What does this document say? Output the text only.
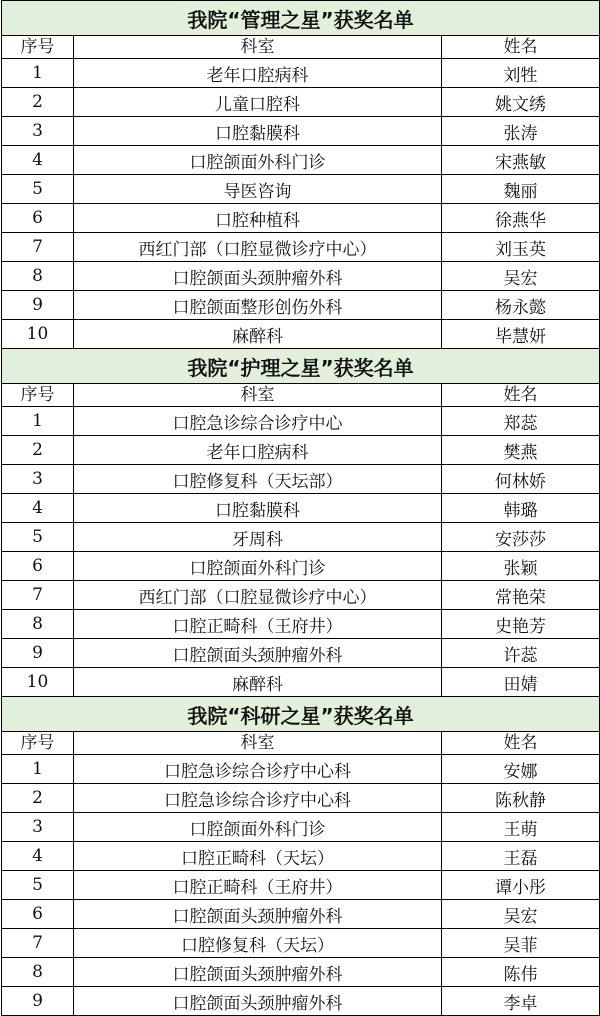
我院“管理之星”获奖名单		
序号	科室	姓名
1	老年口腔病科	刘牲
2	儿童口腔科	姚文绣
3	口腔黏膜科	张涛
4	口腔颌面外科门诊	宋燕敏
5	导医咨询	魏丽
6	口腔种植科	徐燕华
7	西红门部（口腔显微诊疗中心）	刘玉英
8	口腔颌面头颈肿瘤外科	吴宏
9	口腔颌面整形创伤外科	杨永懿
10	麻醉科	毕慧妍
我院“护理之星”获奖名单		
序号	科室	姓名
1	口腔急诊综合诊疗中心	郑蕊
2	老年口腔病科	樊燕
3	口腔修复科（天坛部）	何林娇
4	口腔黏膜科	韩璐
5	牙周科	安莎莎
6	口腔颌面外科门诊	张颖
7	西红门部（口腔显微诊疗中心）	常艳荣
8	口腔正畸科（王府井）	史艳芳
9	口腔颌面头颈肿瘤外科	许蕊
10	麻醉科	田婧
我院“科研之星”获奖名单		
序号	科室	姓名
1	口腔急诊综合诊疗中心科	安娜
2	口腔急诊综合诊疗中心科	陈秋静
3	口腔颌面外科门诊	王萌
4	口腔正畸科（天坛）	王磊
5	口腔正畸科（王府井）	谭小彤
6	口腔颌面头颈肿瘤外科	吴宏
7	口腔修复科（天坛）	吴菲
8	口腔颌面头颈肿瘤外科	陈伟
9	口腔颌面头颈肿瘤外科	李卓
